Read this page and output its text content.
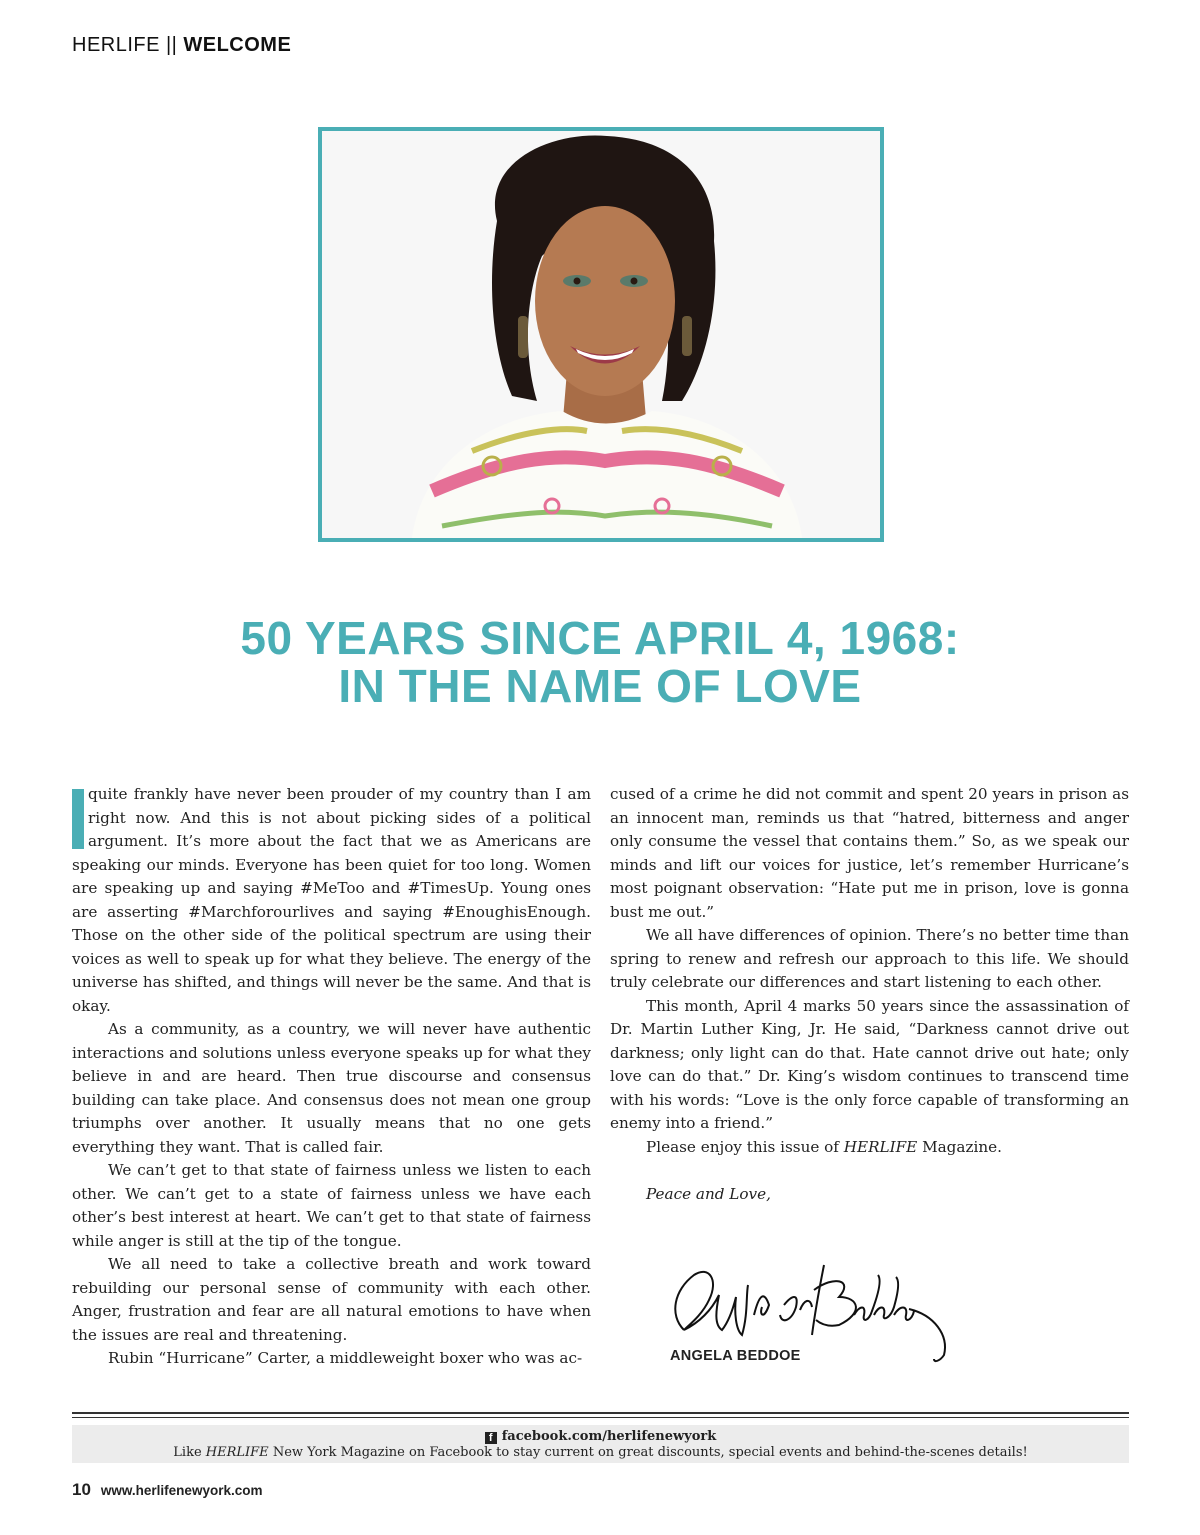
HERLIFE || WELCOME
50 YEARS SINCE APRIL 4, 1968:
IN THE NAME OF LOVE

quite frankly have never been prouder of my country than I am right now. And this is not about picking sides of a political argument. It’s more about the fact that we as Americans are speaking our minds. Everyone has been quiet for too long. Women are speaking up and saying #MeToo and #TimesUp. Young ones are asserting #Marchforourlives and saying #EnoughisEnough. Those on the other side of the political spectrum are using their voices as well to speak up for what they believe. The energy of the universe has shifted, and things will never be the same. And that is okay.

As a community, as a country, we will never have authentic interactions and solutions unless everyone speaks up for what they believe in and are heard. Then true discourse and consensus building can take place. And consensus does not mean one group triumphs over another. It usually means that no one gets everything they want. That is called fair.

We can’t get to that state of fairness unless we listen to each other. We can’t get to a state of fairness unless we have each other’s best interest at heart. We can’t get to that state of fairness while anger is still at the tip of the tongue.

We all need to take a collective breath and work toward rebuilding our personal sense of community with each other. Anger, frustration and fear are all natural emotions to have when the issues are real and threatening.

Rubin “Hurricane” Carter, a middleweight boxer who was ac-

cused of a crime he did not commit and spent 20 years in prison as an innocent man, reminds us that “hatred, bitterness and anger only consume the vessel that contains them.” So, as we speak our minds and lift our voices for justice, let’s remember Hurricane’s most poignant observation: “Hate put me in prison, love is gonna bust me out.”

We all have differences of opinion. There’s no better time than spring to renew and refresh our approach to this life. We should truly celebrate our differences and start listening to each other.

This month, April 4 marks 50 years since the assassination of Dr. Martin Luther King, Jr. He said, “Darkness cannot drive out darkness; only light can do that. Hate cannot drive out hate; only love can do that.” Dr. King’s wisdom continues to transcend time with his words: “Love is the only force capable of transforming an enemy into a friend.”

Please enjoy this issue of HERLIFE Magazine.

Peace and Love,

ANGELA BEDDOE
f facebook.com/herlifenewyork
Like HERLIFE New York Magazine on Facebook to stay current on great discounts, special events and behind-the-scenes details!
10 www.herlifenewyork.com
